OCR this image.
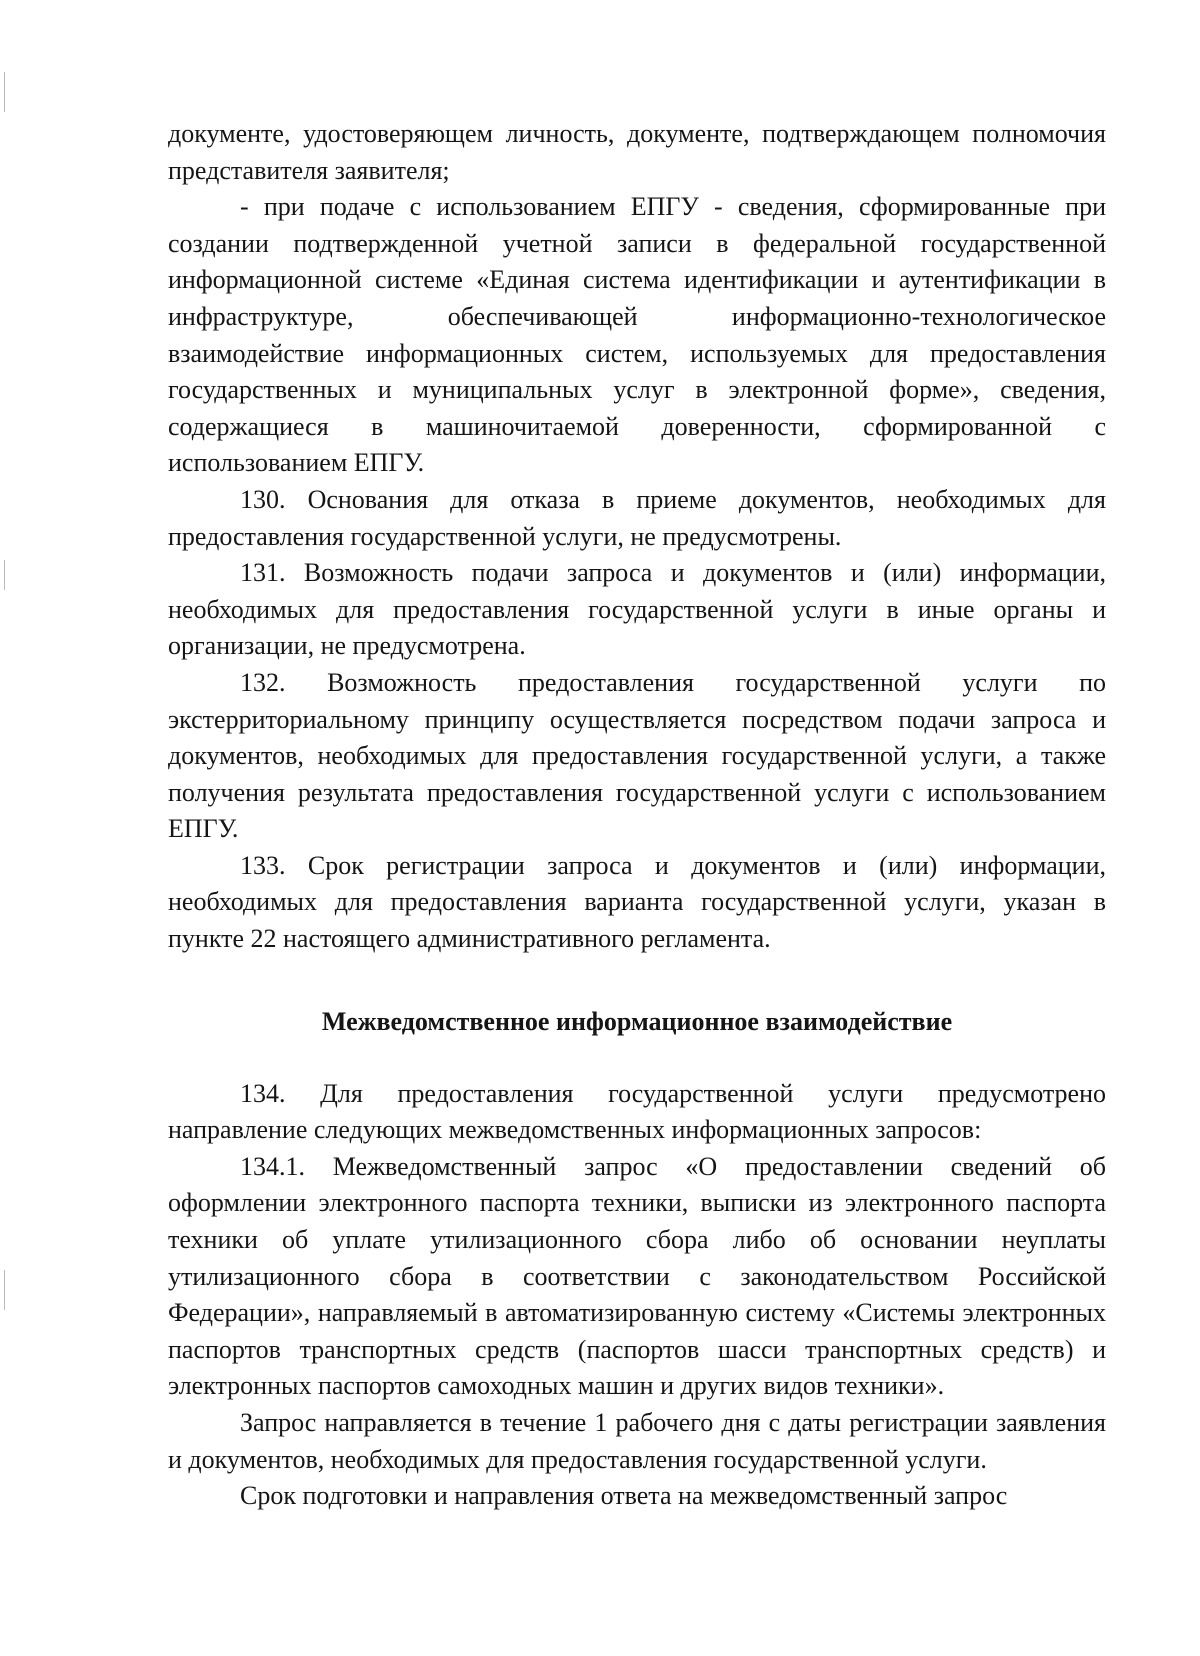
документе, удостоверяющем личность, документе, подтверждающем полномочия представителя заявителя;

- при подаче с использованием ЕПГУ - сведения, сформированные при создании подтвержденной учетной записи в федеральной государственной информационной системе «Единая система идентификации и аутентификации в инфраструктуре, обеспечивающей информационно-технологическое взаимодействие информационных систем, используемых для предоставления государственных и муниципальных услуг в электронной форме», сведения, содержащиеся в машиночитаемой доверенности, сформированной с использованием ЕПГУ.

130. Основания для отказа в приеме документов, необходимых для предоставления государственной услуги, не предусмотрены.

131. Возможность подачи запроса и документов и (или) информации, необходимых для предоставления государственной услуги в иные органы и организации, не предусмотрена.

132. Возможность предоставления государственной услуги по экстерриториальному принципу осуществляется посредством подачи запроса и документов, необходимых для предоставления государственной услуги, а также получения результата предоставления государственной услуги с использованием ЕПГУ.

133. Срок регистрации запроса и документов и (или) информации, необходимых для предоставления варианта государственной услуги, указан в пункте 22 настоящего административного регламента.

Межведомственное информационное взаимодействие

134. Для предоставления государственной услуги предусмотрено направление следующих межведомственных информационных запросов:

134.1. Межведомственный запрос «О предоставлении сведений об оформлении электронного паспорта техники, выписки из электронного паспорта техники об уплате утилизационного сбора либо об основании неуплаты утилизационного сбора в соответствии с законодательством Российской Федерации», направляемый в автоматизированную систему «Системы электронных паспортов транспортных средств (паспортов шасси транспортных средств) и электронных паспортов самоходных машин и других видов техники».

Запрос направляется в течение 1 рабочего дня с даты регистрации заявления и документов, необходимых для предоставления государственной услуги.

Срок подготовки и направления ответа на межведомственный запрос
